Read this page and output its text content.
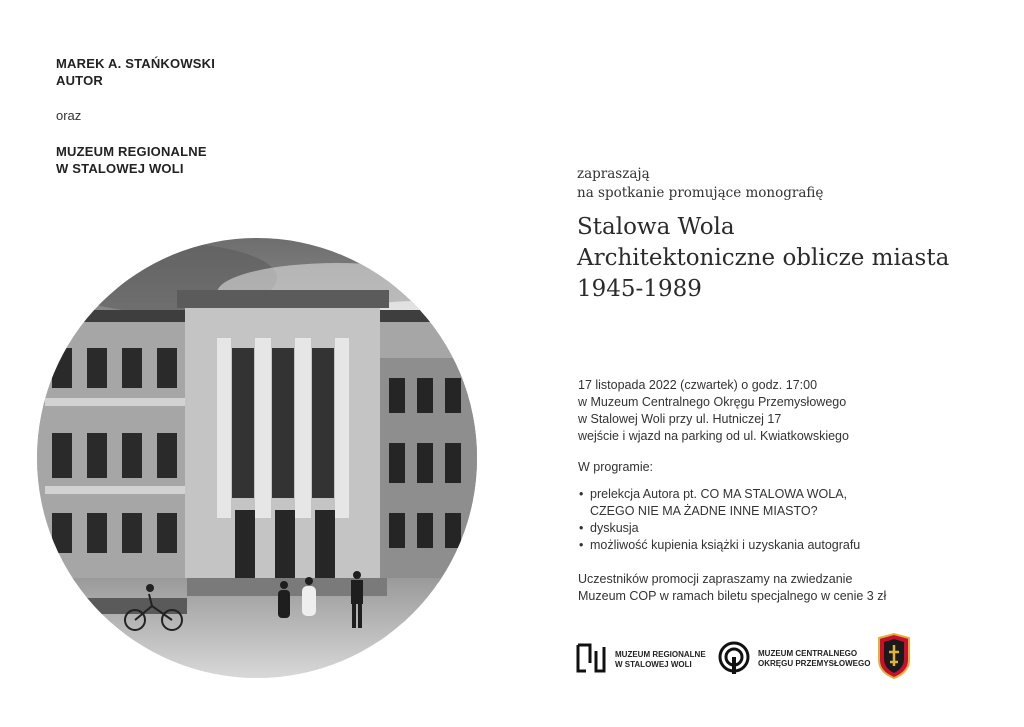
MAREK A. STAŃKOWSKI
AUTOR
oraz
MUZEUM REGIONALNE
W STALOWEJ WOLI	zapraszają
na spotkanie promujące monografię
Stalowa Wola
Architektoniczne oblicze miasta
1945-1989

17 listopada 2022 (czwartek) o godz. 17:00

w Muzeum Centralnego Okręgu Przemysłowego

w Stalowej Woli przy ul. Hutniczej 17

wejście i wjazd na parking od ul. Kwiatkowskiego

W programie:

• prelekcja Autora pt. CO MA STALOWA WOLA,
CZEGO NIE MA ŻADNE INNE MIASTO?
• dyskusja
• możliwość kupienia książki i uzyskania autografu

Uczestników promocji zapraszamy na zwiedzanie

Muzeum COP w ramach biletu specjalnego w cenie 3 zł

MUZEUM REGIONALNE
W STALOWEJ WOLI
MUZEUM CENTRALNEGO
OKRĘGU PRZEMYSŁOWEGO
